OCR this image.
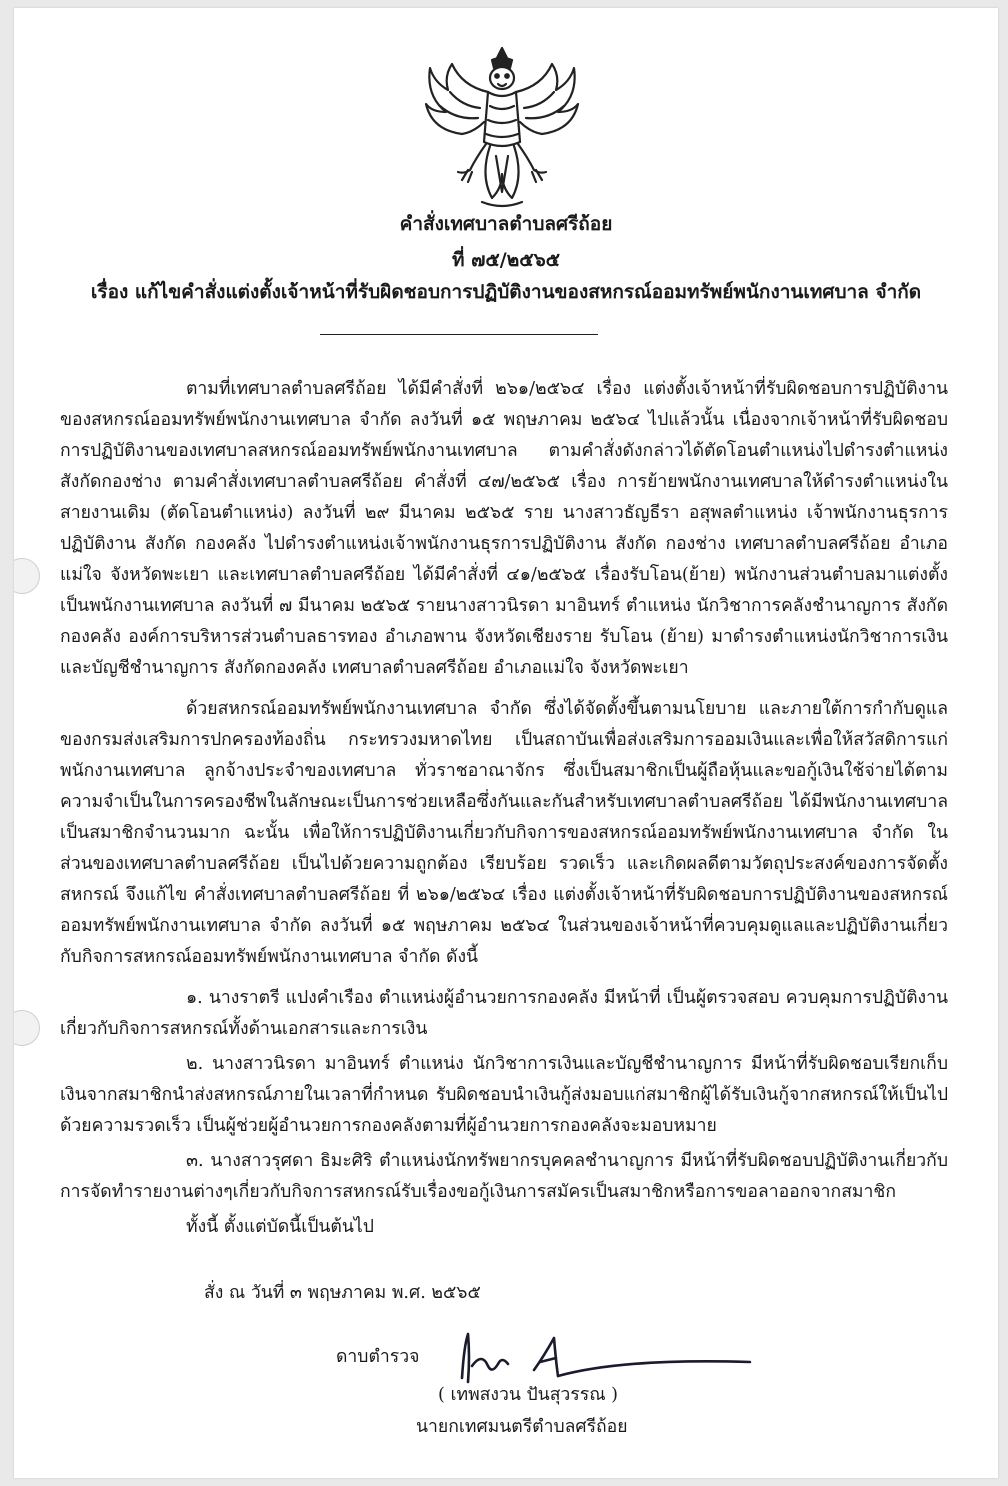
คำสั่งเทศบาลตำบลศรีถ้อย
ที่ ๗๕/๒๕๖๕
เรื่อง แก้ไขคำสั่งแต่งตั้งเจ้าหน้าที่รับผิดชอบการปฏิบัติงานของสหกรณ์ออมทรัพย์พนักงานเทศบาล จำกัด

ตามที่เทศบาลตำบลศรีถ้อย ได้มีคำสั่งที่ ๒๖๑/๒๕๖๔ เรื่อง แต่งตั้งเจ้าหน้าที่รับผิดชอบการปฏิบัติงานของสหกรณ์ออมทรัพย์พนักงานเทศบาล จำกัด ลงวันที่ ๑๕ พฤษภาคม ๒๕๖๔ ไปแล้วนั้น เนื่องจากเจ้าหน้าที่รับผิดชอบการปฏิบัติงานของเทศบาลสหกรณ์ออมทรัพย์พนักงานเทศบาล ตามคำสั่งดังกล่าวได้ตัดโอนตำแหน่งไปดำรงตำแหน่งสังกัดกองช่าง ตามคำสั่งเทศบาลตำบลศรีถ้อย คำสั่งที่ ๔๗/๒๕๖๕ เรื่อง การย้ายพนักงานเทศบาลให้ดำรงตำแหน่งในสายงานเดิม (ตัดโอนตำแหน่ง) ลงวันที่ ๒๙ มีนาคม ๒๕๖๕ ราย นางสาวธัญธีรา อสุพลตำแหน่ง เจ้าพนักงานธุรการปฏิบัติงาน สังกัด กองคลัง ไปดำรงตำแหน่งเจ้าพนักงานธุรการปฏิบัติงาน สังกัด กองช่าง เทศบาลตำบลศรีถ้อย อำเภอแม่ใจ จังหวัดพะเยา และเทศบาลตำบลศรีถ้อย ได้มีคำสั่งที่ ๔๑/๒๕๖๕ เรื่องรับโอน(ย้าย) พนักงานส่วนตำบลมาแต่งตั้งเป็นพนักงานเทศบาล ลงวันที่ ๗ มีนาคม ๒๕๖๕ รายนางสาวนิรดา มาอินทร์ ตำแหน่ง นักวิชาการคลังชำนาญการ สังกัดกองคลัง องค์การบริหารส่วนตำบลธารทอง อำเภอพาน จังหวัดเชียงราย รับโอน (ย้าย) มาดำรงตำแหน่งนักวิชาการเงินและบัญชีชำนาญการ สังกัดกองคลัง เทศบาลตำบลศรีถ้อย อำเภอแม่ใจ จังหวัดพะเยา

ด้วยสหกรณ์ออมทรัพย์พนักงานเทศบาล จำกัด ซึ่งได้จัดตั้งขึ้นตามนโยบาย และภายใต้การกำกับดูแลของกรมส่งเสริมการปกครองท้องถิ่น กระทรวงมหาดไทย เป็นสถาบันเพื่อส่งเสริมการออมเงินและเพื่อให้สวัสดิการแก่พนักงานเทศบาล ลูกจ้างประจำของเทศบาล ทั่วราชอาณาจักร ซึ่งเป็นสมาชิกเป็นผู้ถือหุ้นและขอกู้เงินใช้จ่ายได้ตามความจำเป็นในการครองชีพในลักษณะเป็นการช่วยเหลือซึ่งกันและกันสำหรับเทศบาลตำบลศรีถ้อย ได้มีพนักงานเทศบาลเป็นสมาชิกจำนวนมาก ฉะนั้น เพื่อให้การปฏิบัติงานเกี่ยวกับกิจการของสหกรณ์ออมทรัพย์พนักงานเทศบาล จำกัด ในส่วนของเทศบาลตำบลศรีถ้อย เป็นไปด้วยความถูกต้อง เรียบร้อย รวดเร็ว และเกิดผลดีตามวัตถุประสงค์ของการจัดตั้งสหกรณ์ จึงแก้ไข คำสั่งเทศบาลตำบลศรีถ้อย ที่ ๒๖๑/๒๕๖๔ เรื่อง แต่งตั้งเจ้าหน้าที่รับผิดชอบการปฏิบัติงานของสหกรณ์ออมทรัพย์พนักงานเทศบาล จำกัด ลงวันที่ ๑๕ พฤษภาคม ๒๕๖๔ ในส่วนของเจ้าหน้าที่ควบคุมดูแลและปฏิบัติงานเกี่ยวกับกิจการสหกรณ์ออมทรัพย์พนักงานเทศบาล จำกัด ดังนี้

๑. นางราตรี แปงคำเรือง ตำแหน่งผู้อำนวยการกองคลัง มีหน้าที่ เป็นผู้ตรวจสอบ ควบคุมการปฏิบัติงานเกี่ยวกับกิจการสหกรณ์ทั้งด้านเอกสารและการเงิน

๒. นางสาวนิรดา มาอินทร์ ตำแหน่ง นักวิชาการเงินและบัญชีชำนาญการ มีหน้าที่รับผิดชอบเรียกเก็บเงินจากสมาชิกนำส่งสหกรณ์ภายในเวลาที่กำหนด รับผิดชอบนำเงินกู้ส่งมอบแก่สมาชิกผู้ได้รับเงินกู้จากสหกรณ์ให้เป็นไปด้วยความรวดเร็ว เป็นผู้ช่วยผู้อำนวยการกองคลังตามที่ผู้อำนวยการกองคลังจะมอบหมาย

๓. นางสาวรุศดา ธิมะศิริ ตำแหน่งนักทรัพยากรบุคคลชำนาญการ มีหน้าที่รับผิดชอบปฏิบัติงานเกี่ยวกับการจัดทำรายงานต่างๆเกี่ยวกับกิจการสหกรณ์รับเรื่องขอกู้เงินการสมัครเป็นสมาชิกหรือการขอลาออกจากสมาชิก

ทั้งนี้ ตั้งแต่บัดนี้เป็นต้นไป

สั่ง ณ วันที่ ๓ พฤษภาคม พ.ศ. ๒๕๖๕
ดาบตำรวจ
( เทพสงวน ปันสุวรรณ )
นายกเทศมนตรีตำบลศรีถ้อย
